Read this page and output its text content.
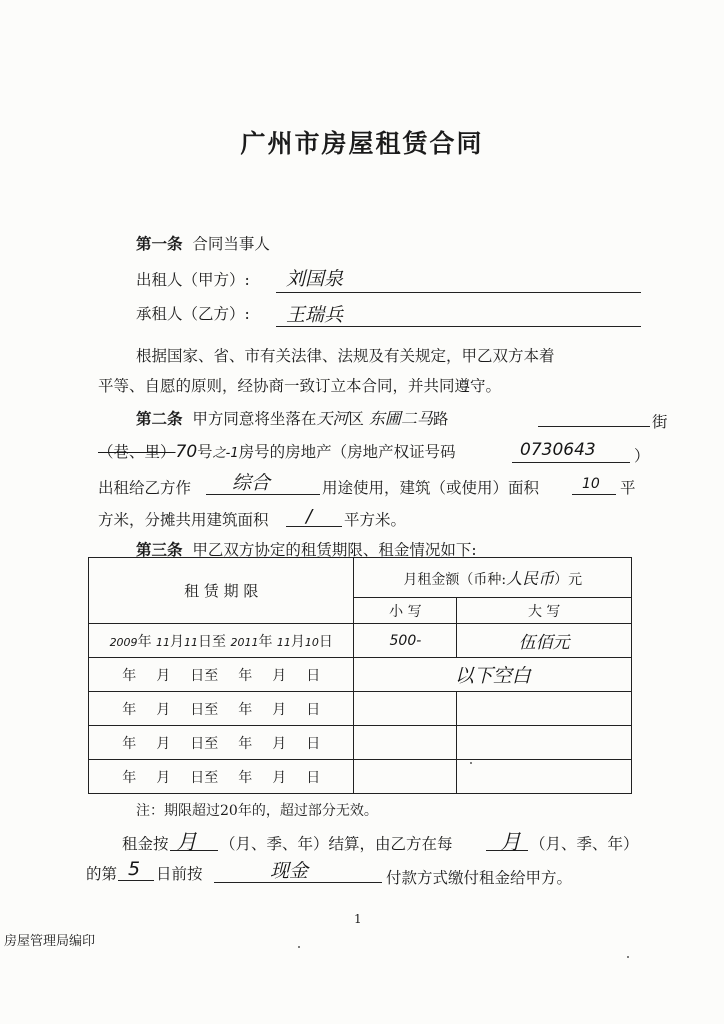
广州市房屋租赁合同
第一条 合同当事人
出租人（甲方）: 刘国泉
承租人（乙方）: 王瑞兵
根据国家、省、市有关法律、法规及有关规定，甲乙双方本着
平等、自愿的原则，经协商一致订立本合同，并共同遵守。
第二条 甲方同意将坐落在天河区 东圃二马路	街
（巷、里）70号之-1房号的房地产（房地产权证号码	0730643 ）
出租给乙方作 综合	用途使用，建筑（或使用）面积	10 平
方米，分摊共用建筑面积 / 平方米。
第三条 甲乙双方协定的租赁期限、租金情况如下:
租 赁 期 限	月租金额（币种:人民币）元	
	小 写	大 写
2009年 11月11日至 2011年 11月10日	500-	伍佰元
年 月 日至 年 月 日	以下空白	
年 月 日至 年 月 日		
年 月 日至 年 月 日		
年 月 日至 年 月 日		
注：期限超过20年的，超过部分无效。
租金按 月 （月、季、年）结算，由乙方在每 月 （月、季、年）
的第 5 日前按	现金	付款方式缴付租金给甲方。
1
房屋管理局编印
